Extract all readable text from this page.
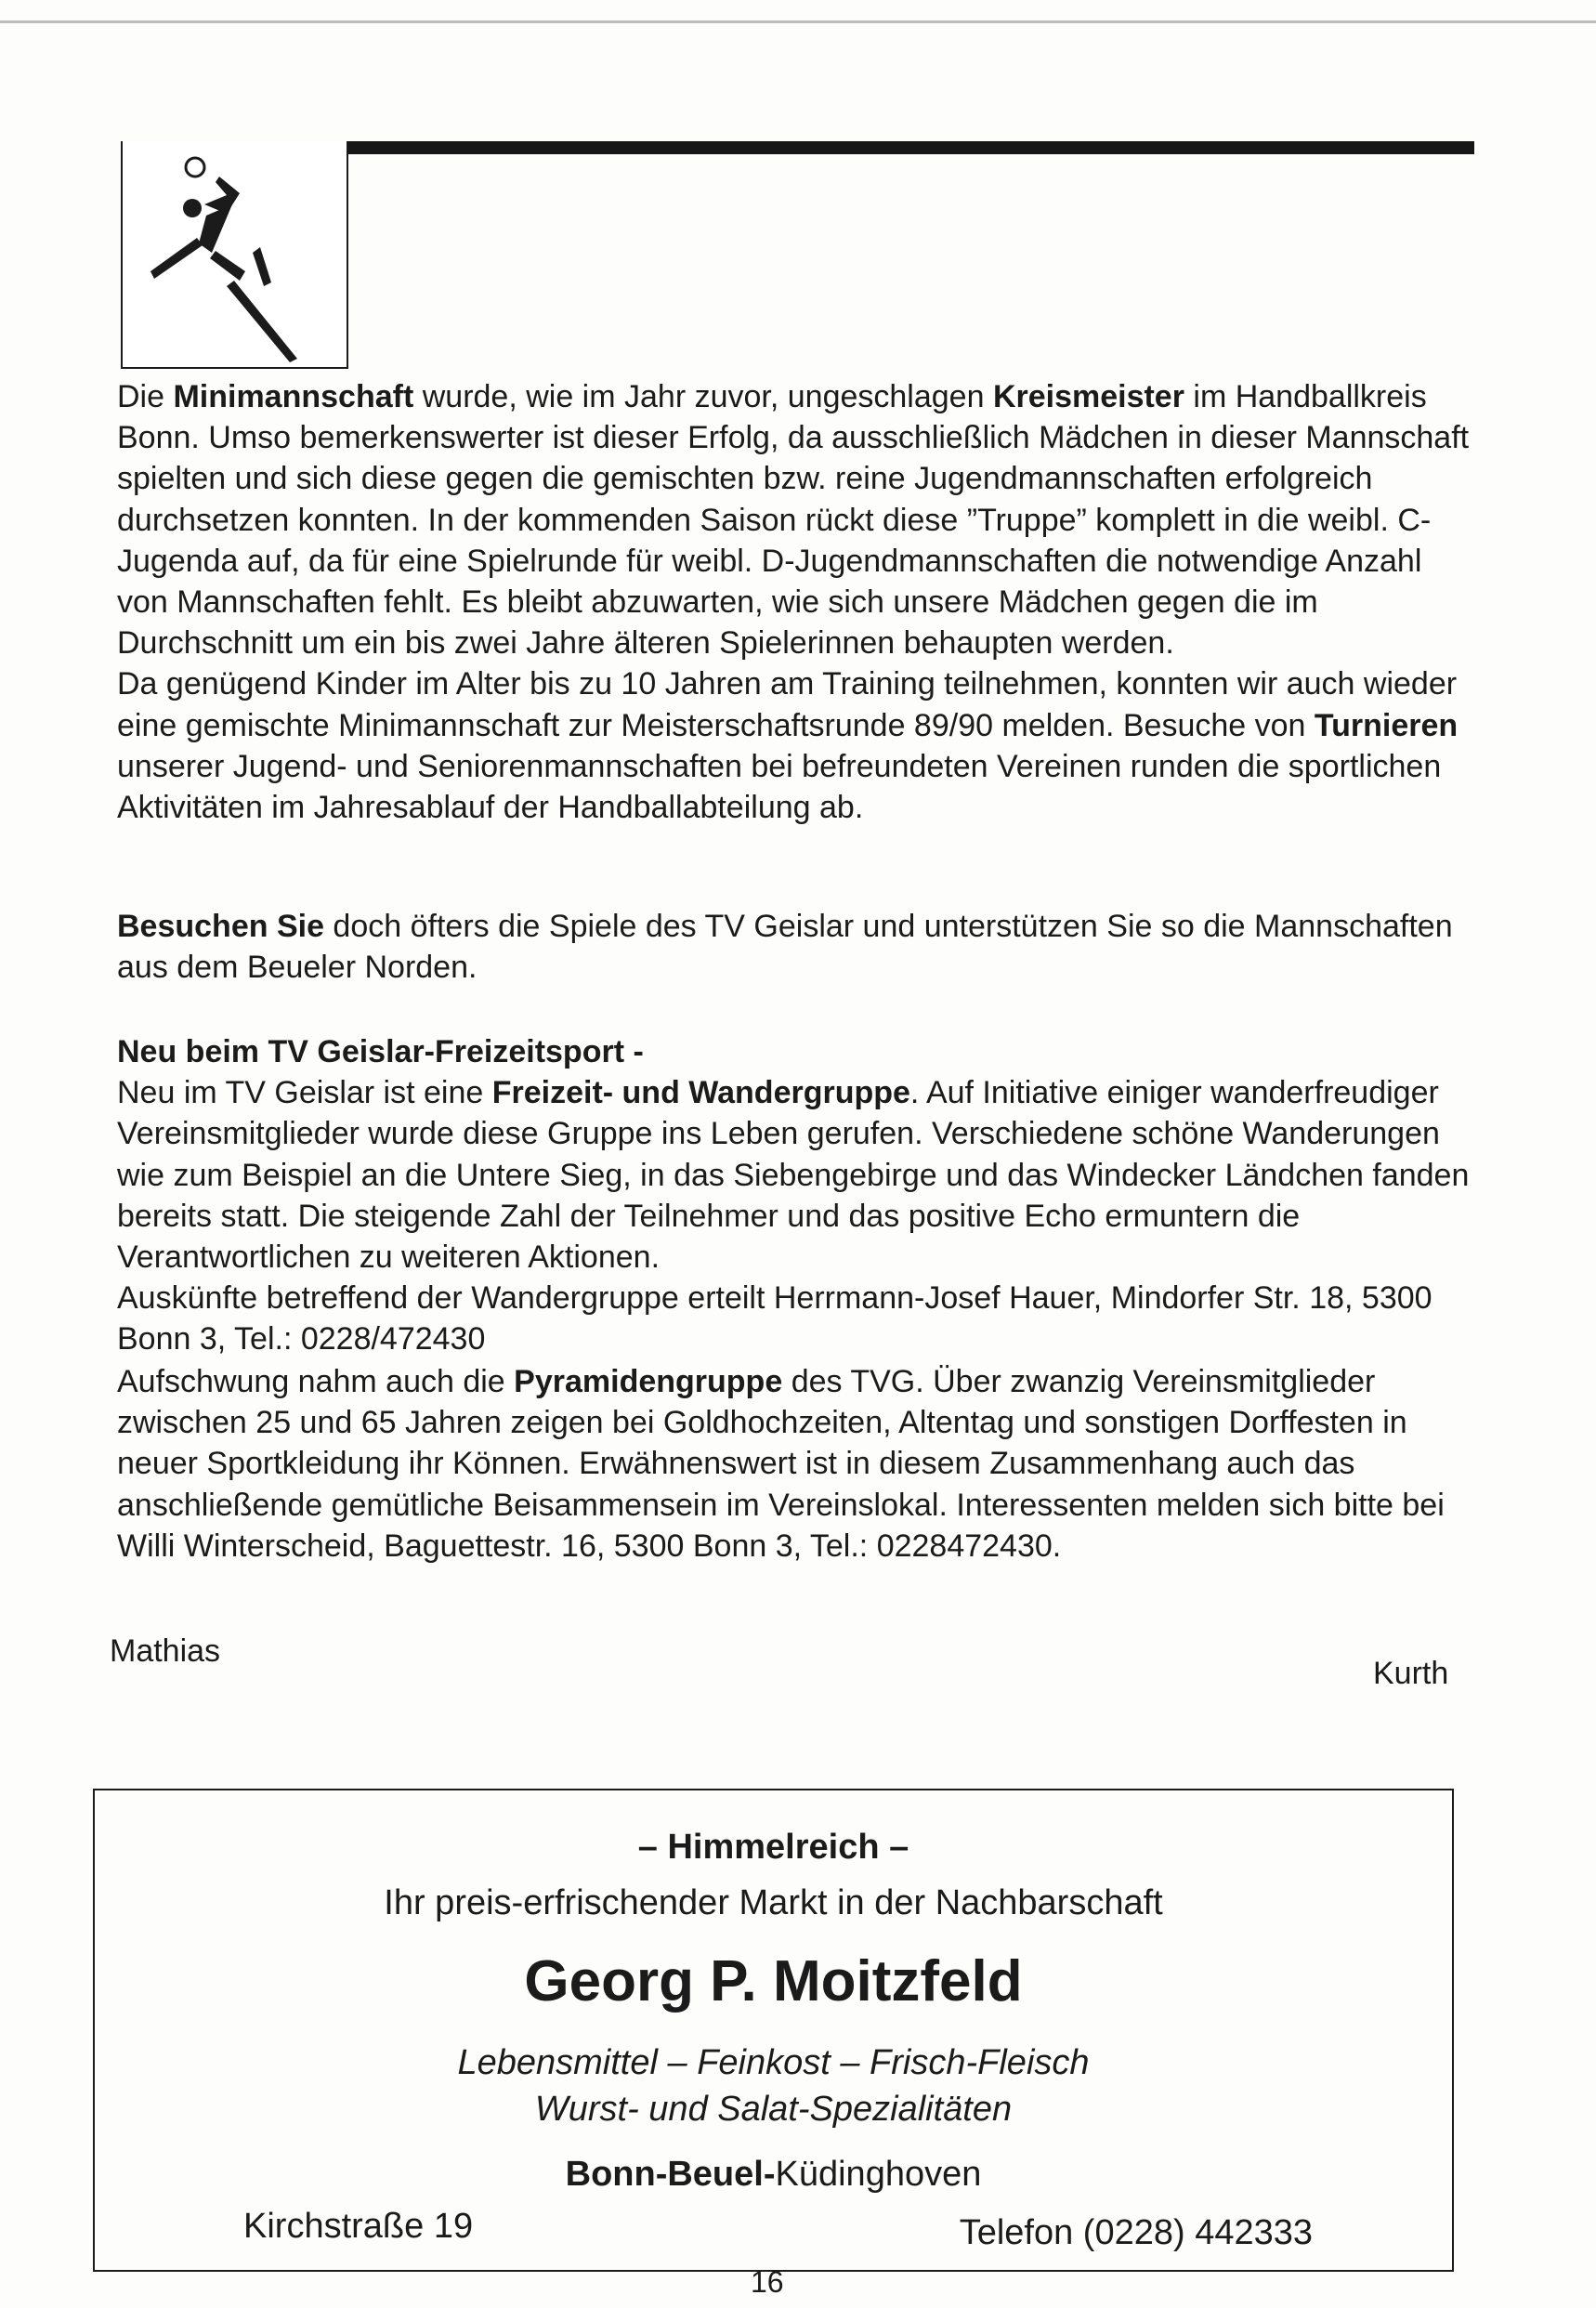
Die Minimannschaft wurde, wie im Jahr zuvor, ungeschlagen Kreismeister im Handballkreis Bonn. Umso bemerkenswerter ist dieser Erfolg, da ausschließlich Mädchen in dieser Mannschaft spielten und sich diese gegen die gemischten bzw. reine Jugendmannschaften erfolgreich durchsetzen konnten. In der kommenden Saison rückt diese ”Truppe” komplett in die weibl. C-Jugenda auf, da für eine Spielrunde für weibl. D-Jugendmannschaften die notwendige Anzahl von Mannschaften fehlt. Es bleibt abzuwarten, wie sich unsere Mädchen gegen die im Durchschnitt um ein bis zwei Jahre älteren Spielerinnen behaupten werden.
Da genügend Kinder im Alter bis zu 10 Jahren am Training teilnehmen, konnten wir auch wieder eine gemischte Minimannschaft zur Meisterschaftsrunde 89/90 melden. Besuche von Turnieren unserer Jugend- und Seniorenmannschaften bei befreundeten Vereinen runden die sportlichen Aktivitäten im Jahresablauf der Handballabteilung ab.

Besuchen Sie doch öfters die Spiele des TV Geislar und unterstützen Sie so die Mannschaften aus dem Beueler Norden.

Neu beim TV Geislar-Freizeitsport -
Neu im TV Geislar ist eine Freizeit- und Wandergruppe. Auf Initiative einiger wanderfreudiger Vereinsmitglieder wurde diese Gruppe ins Leben gerufen. Verschiedene schöne Wanderungen wie zum Beispiel an die Untere Sieg, in das Siebengebirge und das Windecker Ländchen fanden bereits statt. Die steigende Zahl der Teilnehmer und das positive Echo ermuntern die Verantwortlichen zu weiteren Aktionen.
Auskünfte betreffend der Wandergruppe erteilt Herrmann-Josef Hauer, Mindorfer Str. 18, 5300 Bonn 3, Tel.: 0228/472430

Aufschwung nahm auch die Pyramidengruppe des TVG. Über zwanzig Vereinsmitglieder zwischen 25 und 65 Jahren zeigen bei Goldhochzeiten, Altentag und sonstigen Dorffesten in neuer Sportkleidung ihr Können. Erwähnenswert ist in diesem Zusammenhang auch das anschließende gemütliche Beisammensein im Vereinslokal. Interessenten melden sich bitte bei Willi Winterscheid, Baguettestr. 16, 5300 Bonn 3, Tel.: 0228472430.

Mathias
Kurth
– Himmelreich –
Ihr preis-erfrischender Markt in der Nachbarschaft
Georg P. Moitzfeld
Lebensmittel – Feinkost – Frisch-Fleisch
Wurst- und Salat-Spezialitäten
Bonn-Beuel-Küdinghoven
Kirchstraße 19	Telefon (0228) 442333
16
